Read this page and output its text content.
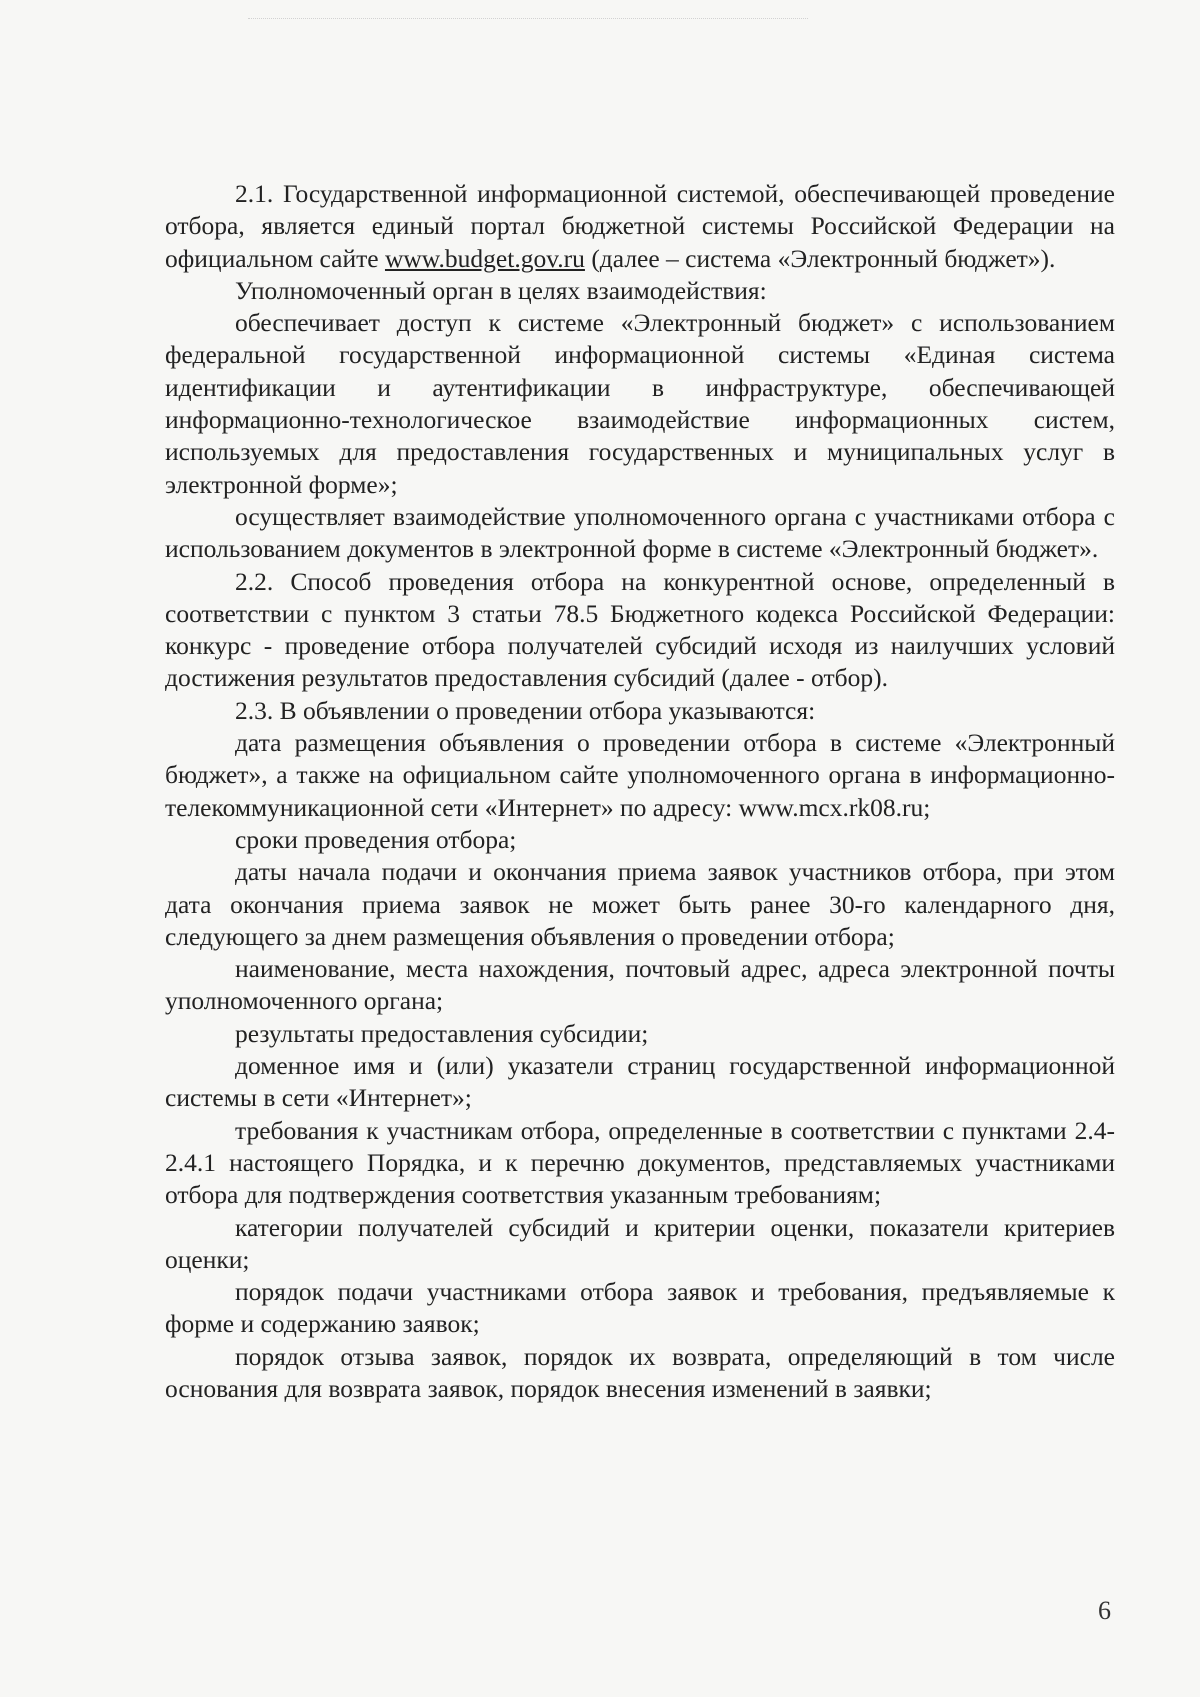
2.1. Государственной информационной системой, обеспечивающей проведение отбора, является единый портал бюджетной системы Российской Федерации на официальном сайте www.budget.gov.ru (далее – система «Электронный бюджет»).

Уполномоченный орган в целях взаимодействия:

обеспечивает доступ к системе «Электронный бюджет» с использованием федеральной государственной информационной системы «Единая система идентификации и аутентификации в инфраструктуре, обеспечивающей информационно-технологическое взаимодействие информационных систем, используемых для предоставления государственных и муниципальных услуг в электронной форме»;

осуществляет взаимодействие уполномоченного органа с участниками отбора с использованием документов в электронной форме в системе «Электронный бюджет».

2.2. Способ проведения отбора на конкурентной основе, определенный в соответствии с пунктом 3 статьи 78.5 Бюджетного кодекса Российской Федерации: конкурс - проведение отбора получателей субсидий исходя из наилучших условий достижения результатов предоставления субсидий (далее - отбор).

2.3. В объявлении о проведении отбора указываются:

дата размещения объявления о проведении отбора в системе «Электронный бюджет», а также на официальном сайте уполномоченного органа в информационно-телекоммуникационной сети «Интернет» по адресу: www.mcx.rk08.ru;

сроки проведения отбора;

даты начала подачи и окончания приема заявок участников отбора, при этом дата окончания приема заявок не может быть ранее 30-го календарного дня, следующего за днем размещения объявления о проведении отбора;

наименование, места нахождения, почтовый адрес, адреса электронной почты уполномоченного органа;

результаты предоставления субсидии;

доменное имя и (или) указатели страниц государственной информационной системы в сети «Интернет»;

требования к участникам отбора, определенные в соответствии с пунктами 2.4-2.4.1 настоящего Порядка, и к перечню документов, представляемых участниками отбора для подтверждения соответствия указанным требованиям;

категории получателей субсидий и критерии оценки, показатели критериев оценки;

порядок подачи участниками отбора заявок и требования, предъявляемые к форме и содержанию заявок;

порядок отзыва заявок, порядок их возврата, определяющий в том числе основания для возврата заявок, порядок внесения изменений в заявки;

6
